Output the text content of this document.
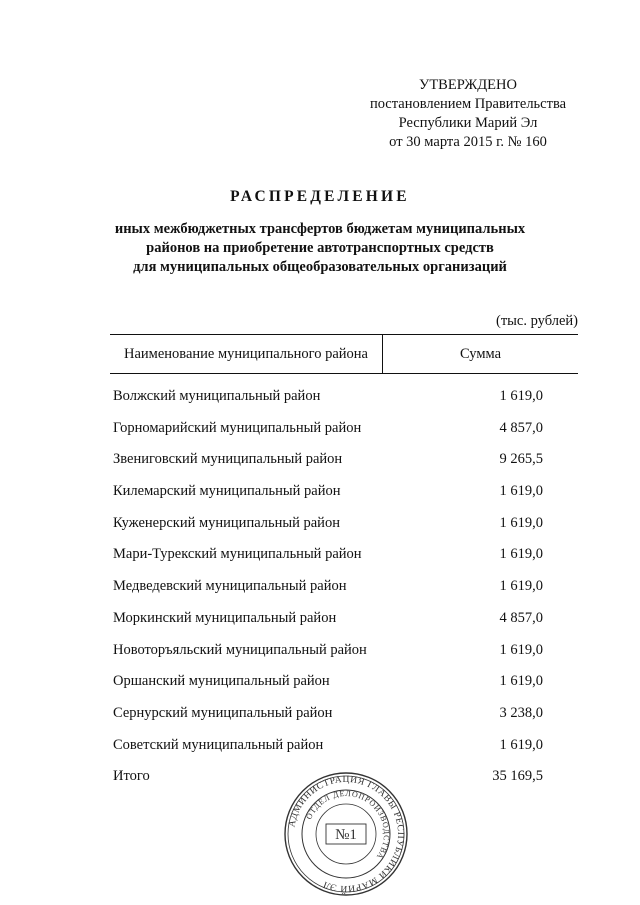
УТВЕРЖДЕНО
постановлением Правительства
Республики Марий Эл
от 30 марта 2015 г. № 160
РАСПРЕДЕЛЕНИЕ
иных межбюджетных трансфертов бюджетам муниципальных
районов на приобретение автотранспортных средств
для муниципальных общеобразовательных организаций
(тыс. рублей)
Наименование муниципального района	Сумма
Волжский муниципальный район	1 619,0
Горномарийский муниципальный район	4 857,0
Звениговский муниципальный район	9 265,5
Килемарский муниципальный район	1 619,0
Куженерский муниципальный район	1 619,0
Мари-Турекский муниципальный район	1 619,0
Медведевский муниципальный район	1 619,0
Моркинский муниципальный район	4 857,0
Новоторъяльский муниципальный район	1 619,0
Оршанский муниципальный район	1 619,0
Сернурский муниципальный район	3 238,0
Советский муниципальный район	1 619,0
Итого	35 169,5
АДМИНИСТРАЦИЯ ГЛАВЫ РЕСПУБЛИКИ МАРИЙ ЭЛ
ОТДЕЛ ДЕЛОПРОИЗВОДСТВА
№1
